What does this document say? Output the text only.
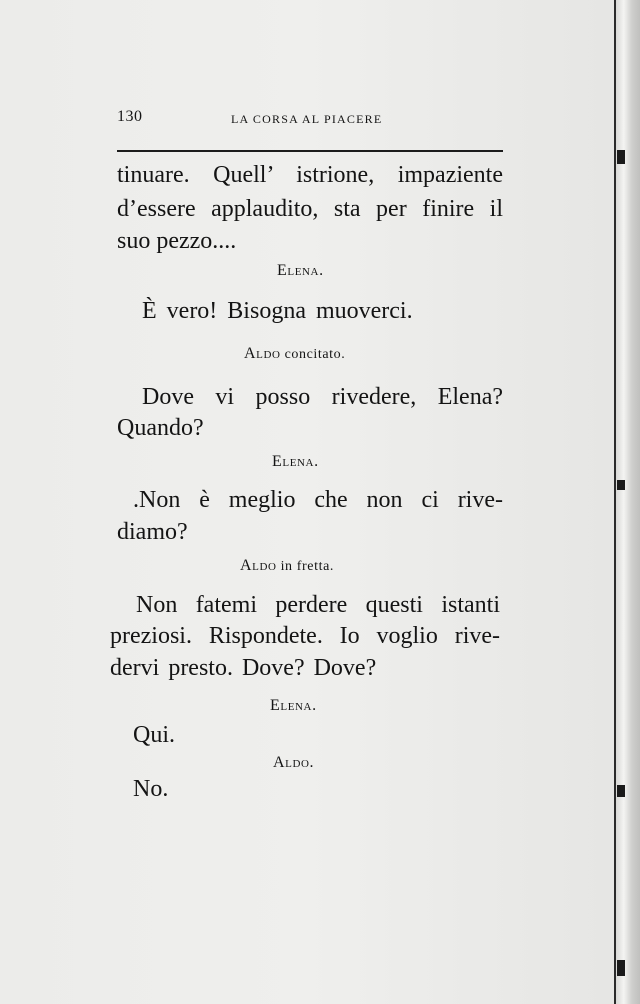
130	LA CORSA AL PIACERE
tinuare. Quell’ istrione, impaziente
d’essere applaudito, sta per finire il
suo pezzo....
Elena.
È vero! Bisogna muoverci.
Aldo concitato.
Dove vi posso rivedere, Elena?
Quando?
Elena.
.Non è meglio che non ci rive-
diamo?
Aldo in fretta.
Non fatemi perdere questi istanti
preziosi. Rispondete. Io voglio rive-
dervi presto. Dove? Dove?
Elena.
Qui.
Aldo.
No.
